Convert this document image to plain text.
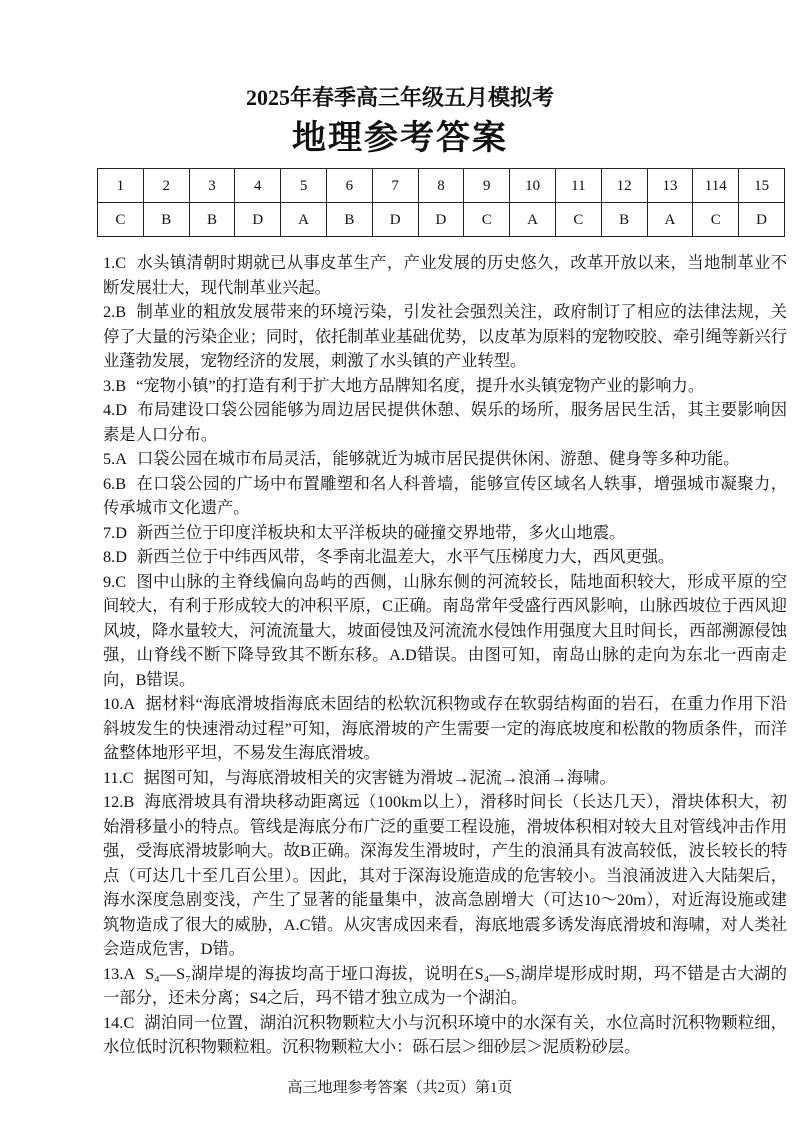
2025年春季高三年级五月模拟考
地理参考答案
1	2	3	4	5	6	7	8	9	10	11	12	13	114	15
C	B	B	D	A	B	D	D	C	A	C	B	A	C	D

1.C 水头镇清朝时期就已从事皮革生产，产业发展的历史悠久，改革开放以来，当地制革业不断发展壮大，现代制革业兴起。

2.B 制革业的粗放发展带来的环境污染，引发社会强烈关注，政府制订了相应的法律法规，关停了大量的污染企业；同时，依托制革业基础优势，以皮革为原料的宠物咬胶、牵引绳等新兴行业蓬勃发展，宠物经济的发展，刺激了水头镇的产业转型。

3.B “宠物小镇”的打造有利于扩大地方品牌知名度，提升水头镇宠物产业的影响力。

4.D 布局建设口袋公园能够为周边居民提供休憩、娱乐的场所，服务居民生活，其主要影响因素是人口分布。

5.A 口袋公园在城市布局灵活，能够就近为城市居民提供休闲、游憩、健身等多种功能。

6.B 在口袋公园的广场中布置雕塑和名人科普墙，能够宣传区域名人轶事，增强城市凝聚力，传承城市文化遗产。

7.D 新西兰位于印度洋板块和太平洋板块的碰撞交界地带，多火山地震。

8.D 新西兰位于中纬西风带，冬季南北温差大，水平气压梯度力大，西风更强。

9.C 图中山脉的主脊线偏向岛屿的西侧，山脉东侧的河流较长，陆地面积较大，形成平原的空间较大，有利于形成较大的冲积平原，C正确。南岛常年受盛行西风影响，山脉西坡位于西风迎风坡，降水量较大，河流流量大，坡面侵蚀及河流流水侵蚀作用强度大且时间长，西部溯源侵蚀强，山脊线不断下降导致其不断东移。A.D错误。由图可知，南岛山脉的走向为东北一西南走向，B错误。

10.A 据材料“海底滑坡指海底未固结的松软沉积物或存在软弱结构面的岩石，在重力作用下沿斜坡发生的快速滑动过程”可知，海底滑坡的产生需要一定的海底坡度和松散的物质条件，而洋盆整体地形平坦，不易发生海底滑坡。

11.C 据图可知，与海底滑坡相关的灾害链为滑坡→泥流→浪涌→海啸。

12.B 海底滑坡具有滑块移动距离远（100km以上），滑移时间长（长达几天），滑块体积大，初始滑移量小的特点。管线是海底分布广泛的重要工程设施，滑坡体积相对较大且对管线冲击作用强，受海底滑坡影响大。故B正确。深海发生滑坡时，产生的浪涌具有波高较低，波长较长的特点（可达几十至几百公里）。因此，其对于深海设施造成的危害较小。当浪涌波进入大陆架后，海水深度急剧变浅，产生了显著的能量集中，波高急剧增大（可达10～20m），对近海设施或建筑物造成了很大的威胁，A.C错。从灾害成因来看，海底地震多诱发海底滑坡和海啸，对人类社会造成危害，D错。

13.A S₄—S₇湖岸堤的海拔均高于垭口海拔，说明在S₄—S₇湖岸堤形成时期，玛不错是古大湖的一部分，还未分离；S4之后，玛不错才独立成为一个湖泊。

14.C 湖泊同一位置，湖泊沉积物颗粒大小与沉积环境中的水深有关，水位高时沉积物颗粒细，水位低时沉积物颗粒粗。沉积物颗粒大小：砾石层＞细砂层＞泥质粉砂层。

高三地理参考答案（共2页）第1页
